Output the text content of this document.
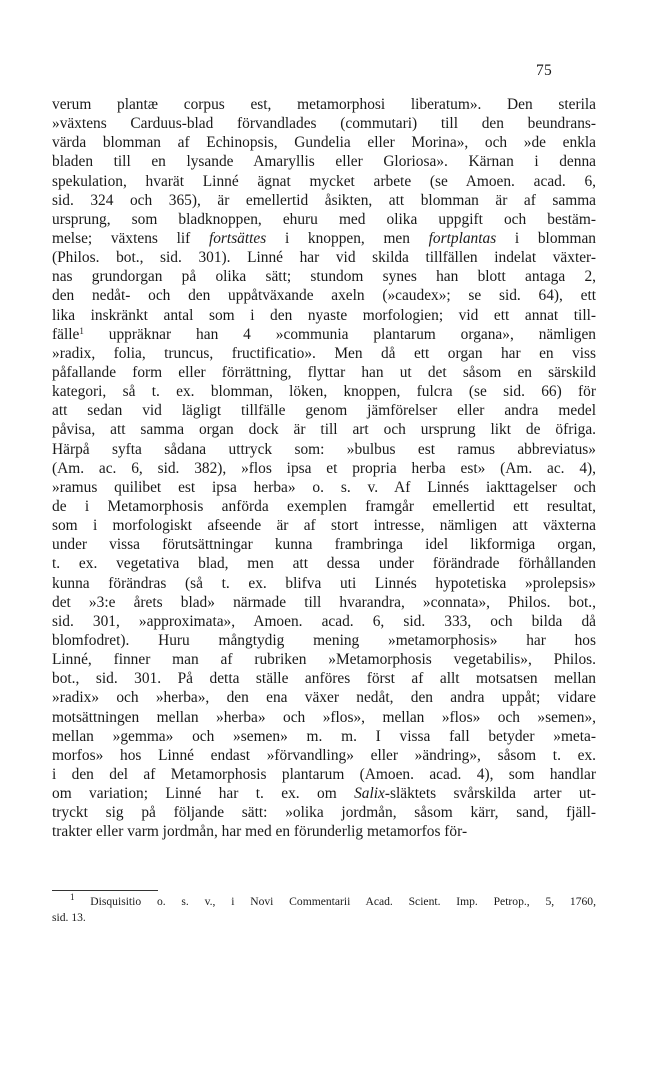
75
verum plantæ corpus est, metamorphosi liberatum». Den sterila
»växtens Carduus-blad förvandlades (commutari) till den beundrans-
värda blomman af Echinopsis, Gundelia eller Morina», och »de enkla
bladen till en lysande Amaryllis eller Gloriosa». Kärnan i denna
spekulation, hvarät Linné ägnat mycket arbete (se Amoen. acad. 6,
sid. 324 och 365), är emellertid åsikten, att blomman är af samma
ursprung, som bladknoppen, ehuru med olika uppgift och bestäm-
melse; växtens lif fortsättes i knoppen, men fortplantas i blomman
(Philos. bot., sid. 301). Linné har vid skilda tillfällen indelat växter-
nas grundorgan på olika sätt; stundom synes han blott antaga 2,
den nedåt- och den uppåtväxande axeln (»caudex»; se sid. 64), ett
lika inskränkt antal som i den nyaste morfologien; vid ett annat till-
fälle$^1$ uppräknar han 4 »communia plantarum organa», nämligen
»radix, folia, truncus, fructificatio». Men då ett organ har en viss
påfallande form eller förrättning, flyttar han ut det såsom en särskild
kategori, så t. ex. blomman, löken, knoppen, fulcra (se sid. 66) för
att sedan vid lägligt tillfälle genom jämförelser eller andra medel
påvisa, att samma organ dock är till art och ursprung likt de öfriga.
Härpå syfta sådana uttryck som: »bulbus est ramus abbreviatus»
(Am. ac. 6, sid. 382), »flos ipsa et propria herba est» (Am. ac. 4),
»ramus quilibet est ipsa herba» o. s. v. Af Linnés iakttagelser och
de i Metamorphosis anförda exemplen framgår emellertid ett resultat,
som i morfologiskt afseende är af stort intresse, nämligen att växterna
under vissa förutsättningar kunna frambringa idel likformiga organ,
t. ex. vegetativa blad, men att dessa under förändrade förhållanden
kunna förändras (så t. ex. blifva uti Linnés hypotetiska »prolepsis»
det »3:e årets blad» närmade till hvarandra, »connata», Philos. bot.,
sid. 301, »approximata», Amoen. acad. 6, sid. 333, och bilda då
blomfodret). Huru mångtydig mening »metamorphosis» har hos
Linné, finner man af rubriken »Metamorphosis vegetabilis», Philos.
bot., sid. 301. På detta ställe anföres först af allt motsatsen mellan
»radix» och »herba», den ena växer nedåt, den andra uppåt; vidare
motsättningen mellan »herba» och »flos», mellan »flos» och »semen»,
mellan »gemma» och »semen» m. m. I vissa fall betyder »meta-
morfos» hos Linné endast »förvandling» eller »ändring», såsom t. ex.
i den del af Metamorphosis plantarum (Amoen. acad. 4), som handlar
om variation; Linné har t. ex. om Salix-släktets svårskilda arter ut-
tryckt sig på följande sätt: »olika jordmån, såsom kärr, sand, fjäll-
trakter eller varm jordmån, har med en förunderlig metamorfos för-
$^1$ Disquisitio o. s. v., i Novi Commentarii Acad. Scient. Imp. Petrop., 5, 1760,
sid. 13.
